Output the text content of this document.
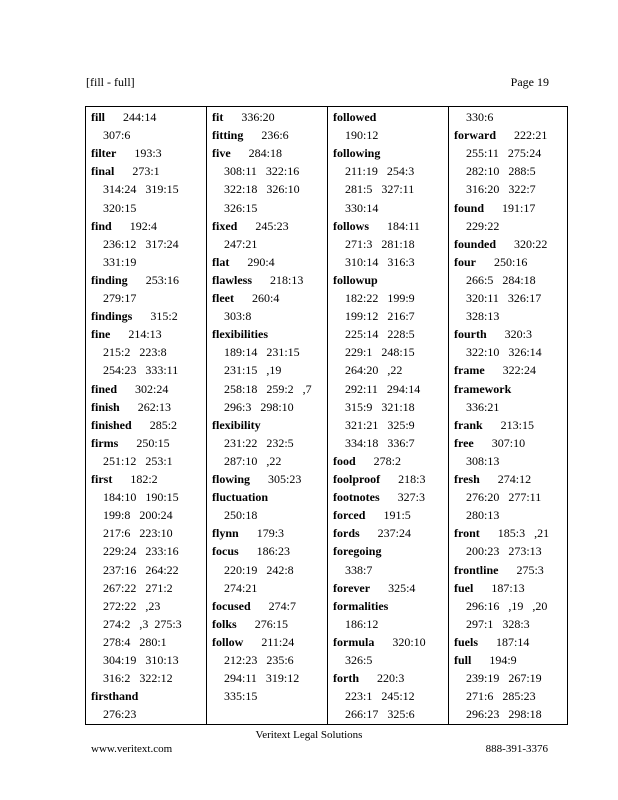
[fill - full]	Page 19
fill 244:14
307:6
filter 193:3
final 273:1
314:24   319:15
320:15
find 192:4
236:12   317:24
331:19
finding 253:16
279:17
findings 315:2
fine 214:13
215:2   223:8
254:23   333:11
fined 302:24
finish 262:13
finished 285:2
firms 250:15
251:12   253:1
first 182:2
184:10   190:15
199:8   200:24
217:6   223:10
229:24   233:16
237:16   264:22
267:22   271:2
272:22   ,23
274:2   ,3  275:3
278:4   280:1
304:19   310:13
316:2   322:12
firsthand
276:23
fit 336:20
fitting 236:6
five 284:18
308:11   322:16
322:18   326:10
326:15
fixed 245:23
247:21
flat 290:4
flawless 218:13
fleet 260:4
303:8
flexibilities
189:14   231:15
231:15   ,19
258:18   259:2   ,7
296:3   298:10
flexibility
231:22   232:5
287:10   ,22
flowing 305:23
fluctuation
250:18
flynn 179:3
focus 186:23
220:19   242:8
274:21
focused 274:7
folks 276:15
follow 211:24
212:23   235:6
294:11   319:12
335:15
followed
190:12
following
211:19   254:3
281:5   327:11
330:14
follows 184:11
271:3   281:18
310:14   316:3
followup
182:22   199:9
199:12   216:7
225:14   228:5
229:1   248:15
264:20   ,22
292:11   294:14
315:9   321:18
321:21   325:9
334:18   336:7
food 278:2
foolproof 218:3
footnotes 327:3
forced 191:5
fords 237:24
foregoing
338:7
forever 325:4
formalities
186:12
formula 320:10
326:5
forth 220:3
223:1   245:12
266:17   325:6
330:6
forward 222:21
255:11   275:24
282:10   288:5
316:20   322:7
found 191:17
229:22
founded 320:22
four 250:16
266:5   284:18
320:11   326:17
328:13
fourth 320:3
322:10   326:14
frame 322:24
framework
336:21
frank 213:15
free 307:10
308:13
fresh 274:12
276:20   277:11
280:13
front 185:3   ,21
200:23   273:13
frontline 275:3
fuel 187:13
296:16   ,19   ,20
297:1   328:3
fuels 187:14
full 194:9
239:19   267:19
271:6   285:23
296:23   298:18
Veritext Legal Solutions
www.veritext.com	888-391-3376
